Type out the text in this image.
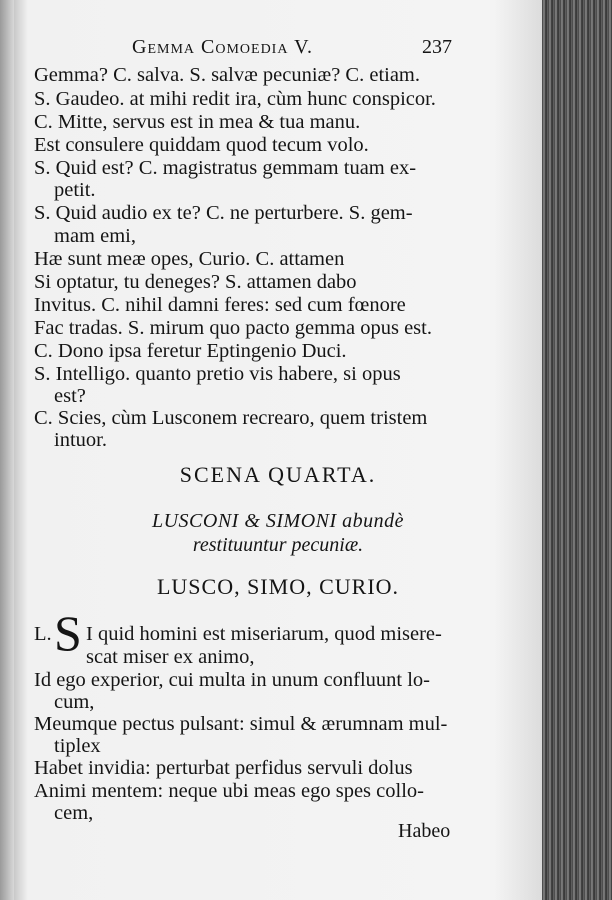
Gemma Comoedia V.	237
Gemma? C. salva. S. salvæ pecuniæ? C. etiam.
S. Gaudeo. at mihi redit ira, cùm hunc conspicor.
C. Mitte, servus est in mea & tua manu.
Est consulere quiddam quod tecum volo.
S. Quid est? C. magistratus gemmam tuam ex-
petit.
S. Quid audio ex te? C. ne perturbere. S. gem-
mam emi,
Hæ sunt meæ opes, Curio. C. attamen
Si optatur, tu deneges? S. attamen dabo
Invitus. C. nihil damni feres: sed cum fœnore
Fac tradas. S. mirum quo pacto gemma opus est.
C. Dono ipsa feretur Eptingenio Duci.
S. Intelligo. quanto pretio vis habere, si opus
est?
C. Scies, cùm Lusconem recrearo, quem tristem
intuor.
SCENA QUARTA.
LUSCONI & SIMONI abundè
restituuntur pecuniæ.
LUSCO, SIMO, CURIO.
L. S I quid homini est miseriarum, quod misere-
scat miser ex animo,
Id ego experior, cui multa in unum confluunt lo-
cum,
Meumque pectus pulsant: simul & ærumnam mul-
tiplex
Habet invidia: perturbat perfidus servuli dolus
Animi mentem: neque ubi meas ego spes collo-
cem,
Habeo
